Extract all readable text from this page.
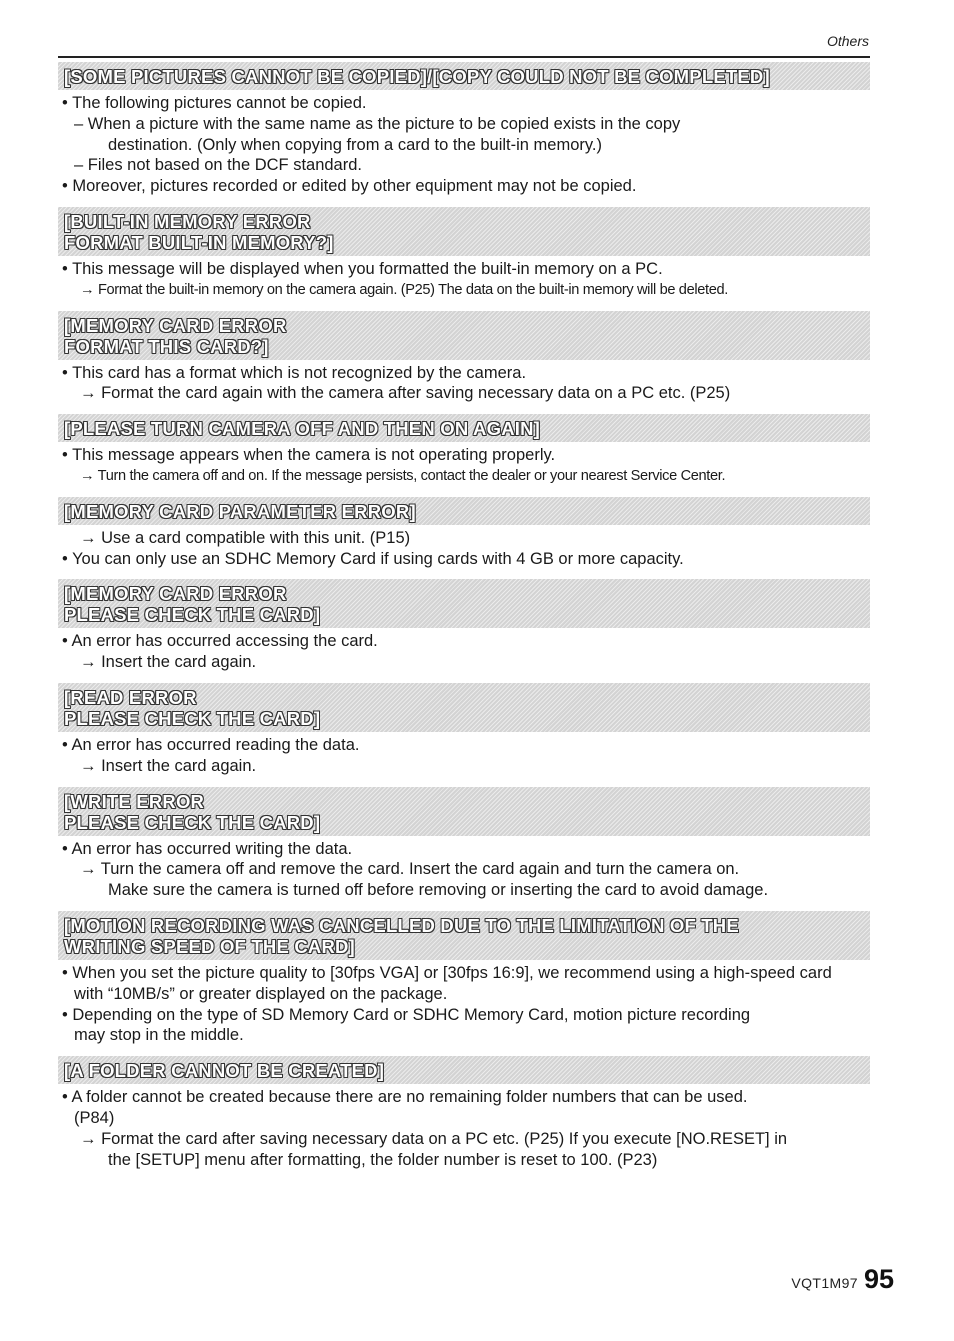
Others
[SOME PICTURES CANNOT BE COPIED]/[COPY COULD NOT BE COMPLETED]
• The following pictures cannot be copied.
– When a picture with the same name as the picture to be copied exists in the copy
destination. (Only when copying from a card to the built-in memory.)
– Files not based on the DCF standard.
• Moreover, pictures recorded or edited by other equipment may not be copied.
[BUILT-IN MEMORY ERROR
FORMAT BUILT-IN MEMORY?]
• This message will be displayed when you formatted the built-in memory on a PC.
→ Format the built-in memory on the camera again. (P25) The data on the built-in memory will be deleted.
[MEMORY CARD ERROR
FORMAT THIS CARD?]
• This card has a format which is not recognized by the camera.
→ Format the card again with the camera after saving necessary data on a PC etc. (P25)
[PLEASE TURN CAMERA OFF AND THEN ON AGAIN]
• This message appears when the camera is not operating properly.
→ Turn the camera off and on. If the message persists, contact the dealer or your nearest Service Center.
[MEMORY CARD PARAMETER ERROR]
→ Use a card compatible with this unit. (P15)
• You can only use an SDHC Memory Card if using cards with 4 GB or more capacity.
[MEMORY CARD ERROR
PLEASE CHECK THE CARD]
• An error has occurred accessing the card.
→ Insert the card again.
[READ ERROR
PLEASE CHECK THE CARD]
• An error has occurred reading the data.
→ Insert the card again.
[WRITE ERROR
PLEASE CHECK THE CARD]
• An error has occurred writing the data.
→ Turn the camera off and remove the card. Insert the card again and turn the camera on.
Make sure the camera is turned off before removing or inserting the card to avoid damage.
[MOTION RECORDING WAS CANCELLED DUE TO THE LIMITATION OF THE
WRITING SPEED OF THE CARD]
• When you set the picture quality to [30fps VGA] or [30fps 16:9], we recommend using a high-speed card
with “10MB/s” or greater displayed on the package.
• Depending on the type of SD Memory Card or SDHC Memory Card, motion picture recording
may stop in the middle.
[A FOLDER CANNOT BE CREATED]
• A folder cannot be created because there are no remaining folder numbers that can be used.
(P84)
→ Format the card after saving necessary data on a PC etc. (P25) If you execute [NO.RESET] in
the [SETUP] menu after formatting, the folder number is reset to 100. (P23)
VQT1M97 95
